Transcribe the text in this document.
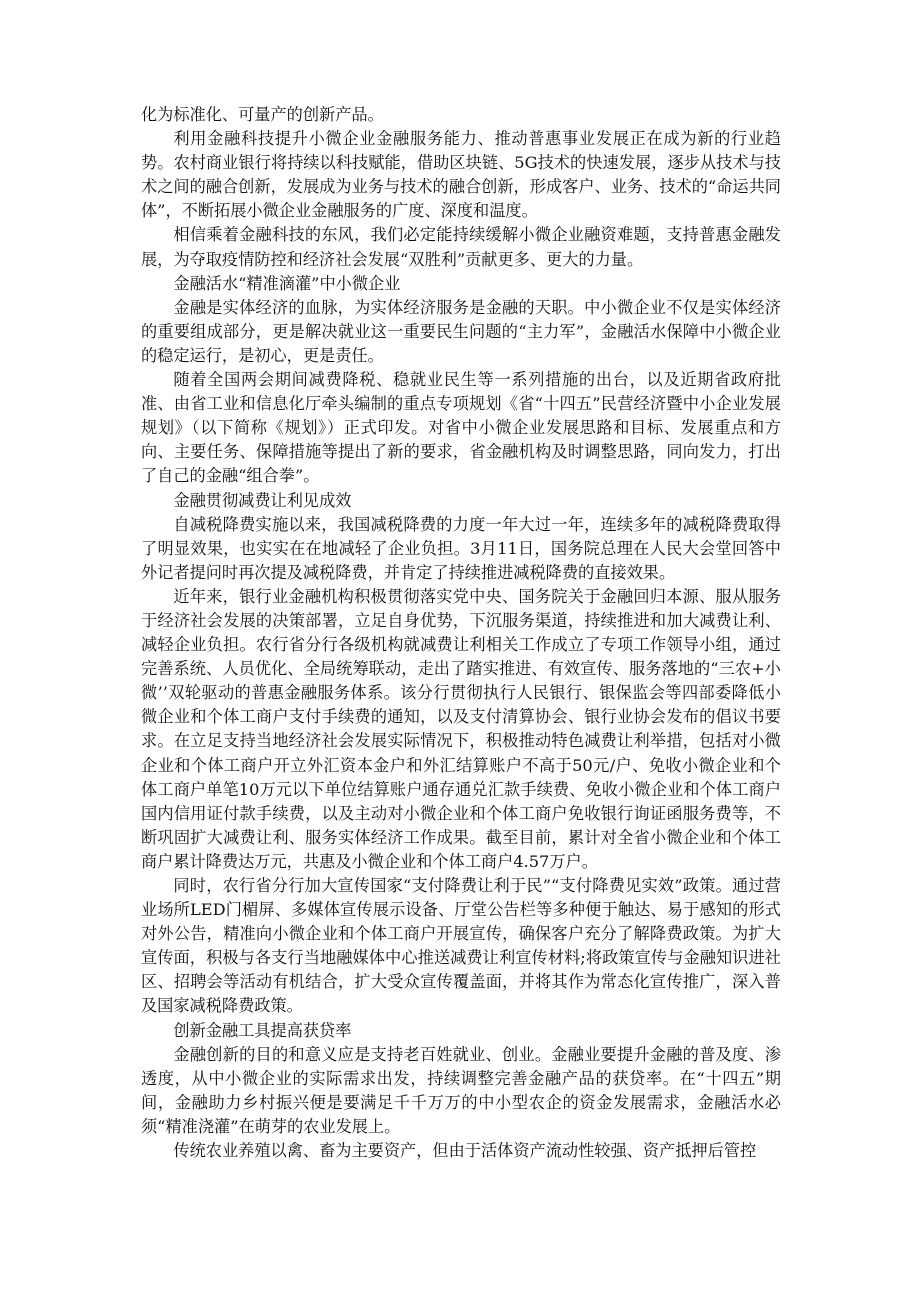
化为标准化、可量产的创新产品。

利用金融科技提升小微企业金融服务能力、推动普惠事业发展正在成为新的行业趋势。农村商业银行将持续以科技赋能，借助区块链、5G技术的快速发展，逐步从技术与技术之间的融合创新，发展成为业务与技术的融合创新，形成客户、业务、技术的“命运共同体”，不断拓展小微企业金融服务的广度、深度和温度。

相信乘着金融科技的东风，我们必定能持续缓解小微企业融资难题，支持普惠金融发展，为夺取疫情防控和经济社会发展“双胜利”贡献更多、更大的力量。

金融活水“精准滴灌”中小微企业

金融是实体经济的血脉，为实体经济服务是金融的天职。中小微企业不仅是实体经济的重要组成部分，更是解决就业这一重要民生问题的“主力军”，金融活水保障中小微企业的稳定运行，是初心，更是责任。

随着全国两会期间减费降税、稳就业民生等一系列措施的出台，以及近期省政府批准、由省工业和信息化厅牵头编制的重点专项规划《省“十四五”民营经济暨中小企业发展规划》（以下简称《规划》）正式印发。对省中小微企业发展思路和目标、发展重点和方向、主要任务、保障措施等提出了新的要求，省金融机构及时调整思路，同向发力，打出了自己的金融“组合拳”。

金融贯彻减费让利见成效

自减税降费实施以来，我国减税降费的力度一年大过一年，连续多年的减税降费取得了明显效果，也实实在在地减轻了企业负担。3月11日，国务院总理在人民大会堂回答中外记者提问时再次提及减税降费，并肯定了持续推进减税降费的直接效果。

近年来，银行业金融机构积极贯彻落实党中央、国务院关于金融回归本源、服从服务于经济社会发展的决策部署，立足自身优势，下沉服务渠道，持续推进和加大减费让利、减轻企业负担。农行省分行各级机构就减费让利相关工作成立了专项工作领导小组，通过完善系统、人员优化、全局统筹联动，走出了踏实推进、有效宣传、服务落地的“三农+小微’’双轮驱动的普惠金融服务体系。该分行贯彻执行人民银行、银保监会等四部委降低小微企业和个体工商户支付手续费的通知，以及支付清算协会、银行业协会发布的倡议书要求。在立足支持当地经济社会发展实际情况下，积极推动特色减费让利举措，包括对小微企业和个体工商户开立外汇资本金户和外汇结算账户不高于50元/户、免收小微企业和个体工商户单笔10万元以下单位结算账户通存通兑汇款手续费、免收小微企业和个体工商户国内信用证付款手续费，以及主动对小微企业和个体工商户免收银行询证函服务费等，不断巩固扩大减费让利、服务实体经济工作成果。截至目前，累计对全省小微企业和个体工商户累计降费达万元，共惠及小微企业和个体工商户4.57万户。

同时，农行省分行加大宣传国家“支付降费让利于民”“支付降费见实效”政策。通过营业场所LED门楣屏、多媒体宣传展示设备、厅堂公告栏等多种便于触达、易于感知的形式对外公告，精准向小微企业和个体工商户开展宣传，确保客户充分了解降费政策。为扩大宣传面，积极与各支行当地融媒体中心推送减费让利宣传材料;将政策宣传与金融知识进社区、招聘会等活动有机结合，扩大受众宣传覆盖面，并将其作为常态化宣传推广，深入普及国家减税降费政策。

创新金融工具提高获贷率

金融创新的目的和意义应是支持老百姓就业、创业。金融业要提升金融的普及度、渗透度，从中小微企业的实际需求出发，持续调整完善金融产品的获贷率。在“十四五”期间，金融助力乡村振兴便是要满足千千万万的中小型农企的资金发展需求，金融活水必须“精准浇灌”在萌芽的农业发展上。

传统农业养殖以禽、畜为主要资产，但由于活体资产流动性较强、资产抵押后管控
